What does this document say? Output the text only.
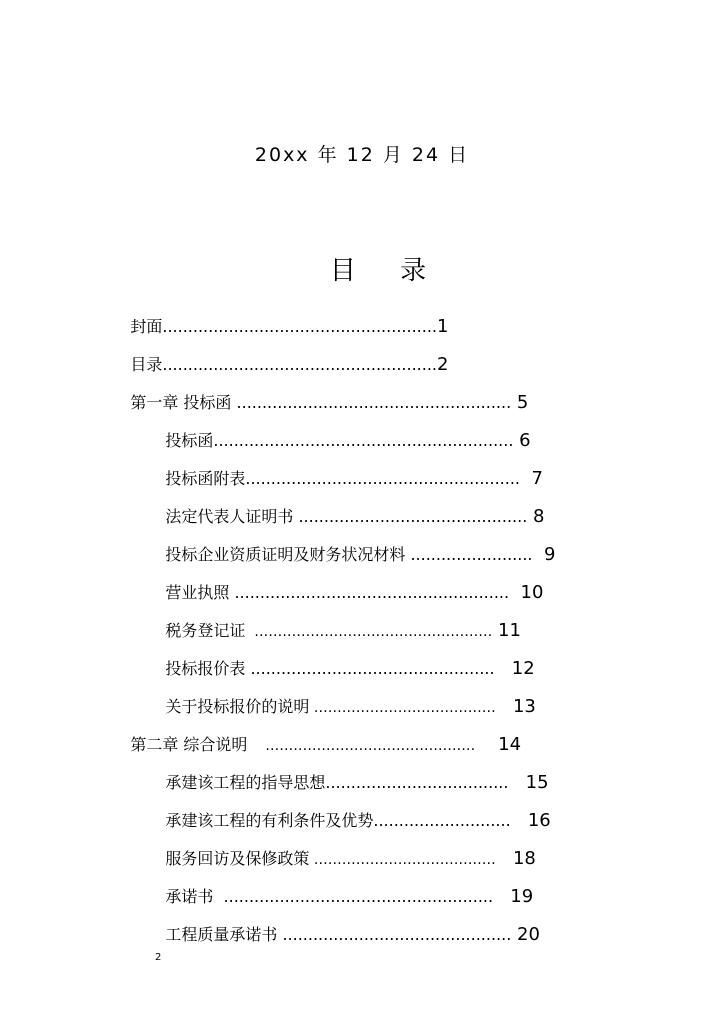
20xx 年 12 月 24 日
目 录

封面......................................................1

目录......................................................2

第一章 投标函 ...................................................... 5

投标函........................................................... 6

投标函附表......................................................  7

法定代表人证明书 ............................................. 8

投标企业资质证明及财务状况材料 ........................  9

营业执照 ......................................................  10

税务登记证  …………………………………………… 11

投标报价表 ................................................   12

关于投标报价的说明 …………………………………   13

第二章 综合说明    ………………………………………    14

承建该工程的指导思想....................................   15

承建该工程的有利条件及优势...........................   16

服务回访及保修政策 …………………………………   18

承诺书  .....................................................   19

工程质量承诺书 ............................................. 20

2
